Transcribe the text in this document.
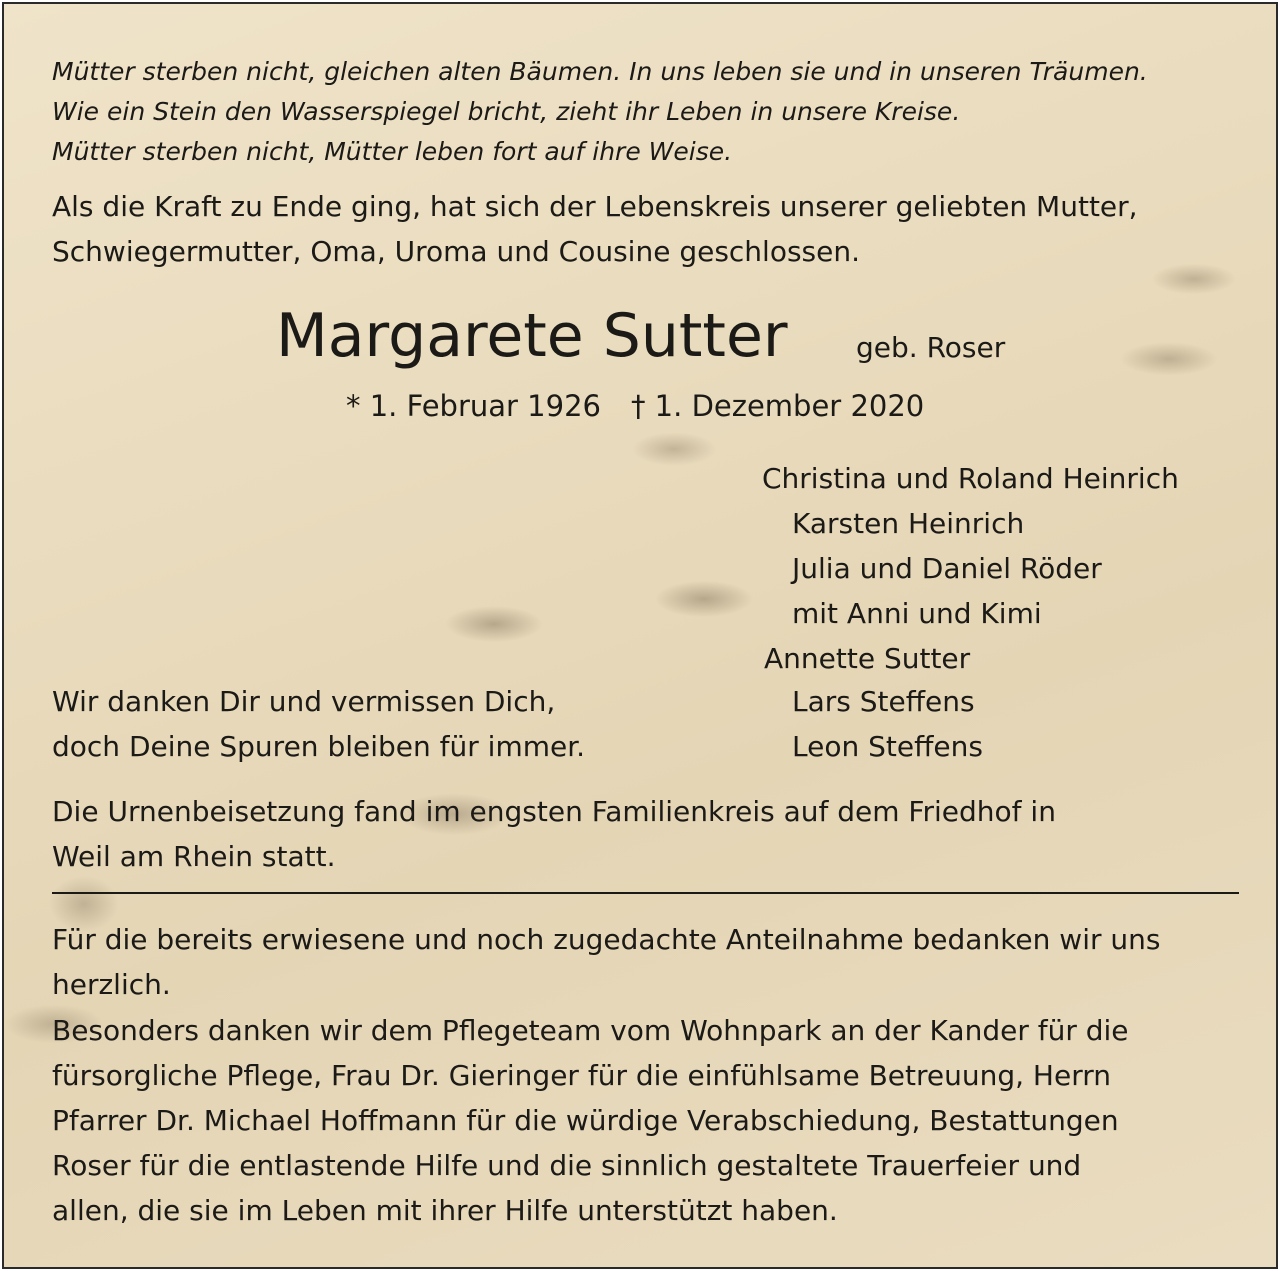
Mütter sterben nicht, gleichen alten Bäumen. In uns leben sie und in unseren Träumen.
Wie ein Stein den Wasserspiegel bricht, zieht ihr Leben in unsere Kreise.
Mütter sterben nicht, Mütter leben fort auf ihre Weise.
Als die Kraft zu Ende ging, hat sich der Lebenskreis unserer geliebten Mutter,
Schwiegermutter, Oma, Uroma und Cousine geschlossen.
Margarete Sutter geb. Roser
* 1. Februar 1926 † 1. Dezember 2020
Christina und Roland Heinrich
Karsten Heinrich
Julia und Daniel Röder
mit Anni und Kimi
Annette Sutter
Lars Steffens
Leon Steffens
Wir danken Dir und vermissen Dich,
doch Deine Spuren bleiben für immer.
Die Urnenbeisetzung fand im engsten Familienkreis auf dem Friedhof in
Weil am Rhein statt.
Für die bereits erwiesene und noch zugedachte Anteilnahme bedanken wir uns
herzlich.
Besonders danken wir dem Pflegeteam vom Wohnpark an der Kander für die
fürsorgliche Pflege, Frau Dr. Gieringer für die einfühlsame Betreuung, Herrn
Pfarrer Dr. Michael Hoffmann für die würdige Verabschiedung, Bestattungen
Roser für die entlastende Hilfe und die sinnlich gestaltete Trauerfeier und
allen, die sie im Leben mit ihrer Hilfe unterstützt haben.
